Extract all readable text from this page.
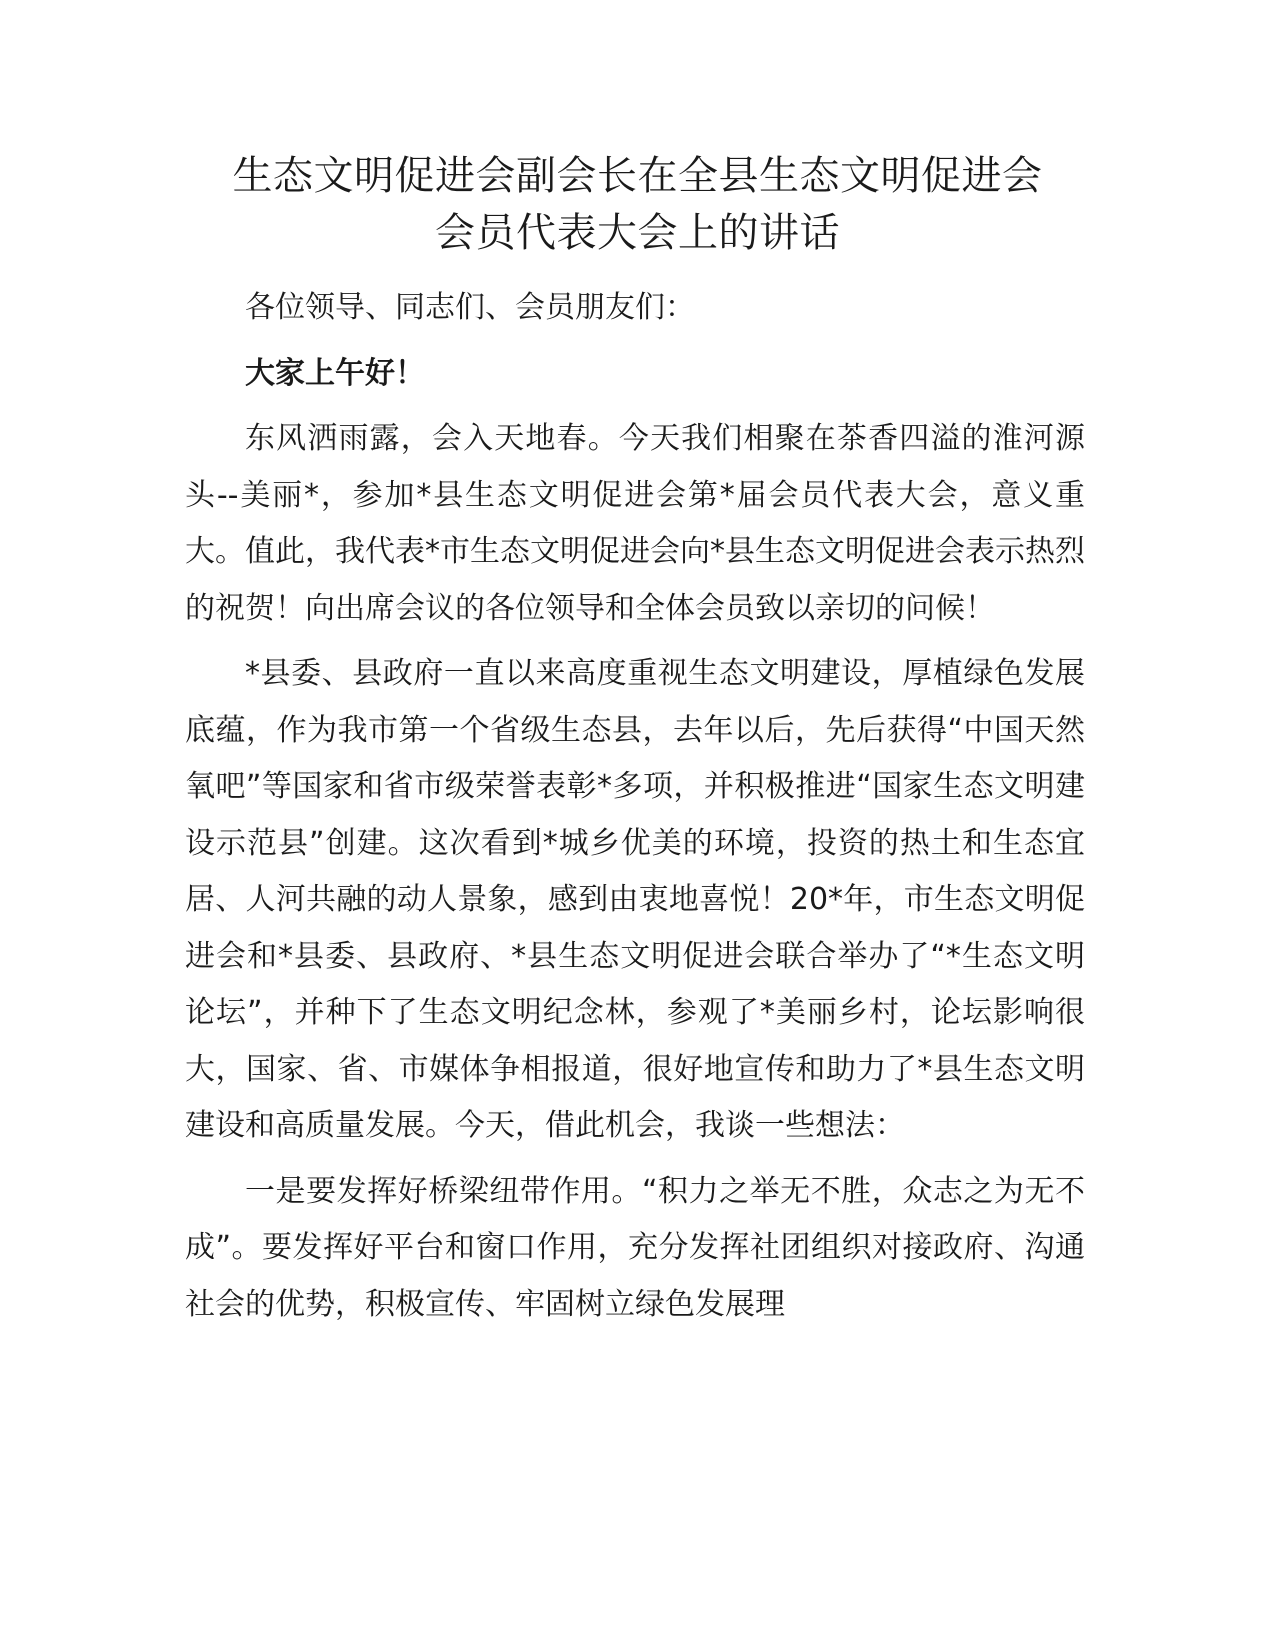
生态文明促进会副会长在全县生态文明促进会
会员代表大会上的讲话

各位领导、同志们、会员朋友们：

大家上午好！

东风洒雨露，会入天地春。今天我们相聚在茶香四溢的淮河源头--美丽*，参加*县生态文明促进会第*届会员代表大会，意义重大。值此，我代表*市生态文明促进会向*县生态文明促进会表示热烈的祝贺！向出席会议的各位领导和全体会员致以亲切的问候！

*县委、县政府一直以来高度重视生态文明建设，厚植绿色发展底蕴，作为我市第一个省级生态县，去年以后，先后获得“中国天然氧吧”等国家和省市级荣誉表彰*多项，并积极推进“国家生态文明建设示范县”创建。这次看到*城乡优美的环境，投资的热土和生态宜居、人河共融的动人景象，感到由衷地喜悦！20*年，市生态文明促进会和*县委、县政府、*县生态文明促进会联合举办了“*生态文明论坛”，并种下了生态文明纪念林，参观了*美丽乡村，论坛影响很大，国家、省、市媒体争相报道，很好地宣传和助力了*县生态文明建设和高质量发展。今天，借此机会，我谈一些想法：

一是要发挥好桥梁纽带作用。“积力之举无不胜，众志之为无不成”。要发挥好平台和窗口作用，充分发挥社团组织对接政府、沟通社会的优势，积极宣传、牢固树立绿色发展理
